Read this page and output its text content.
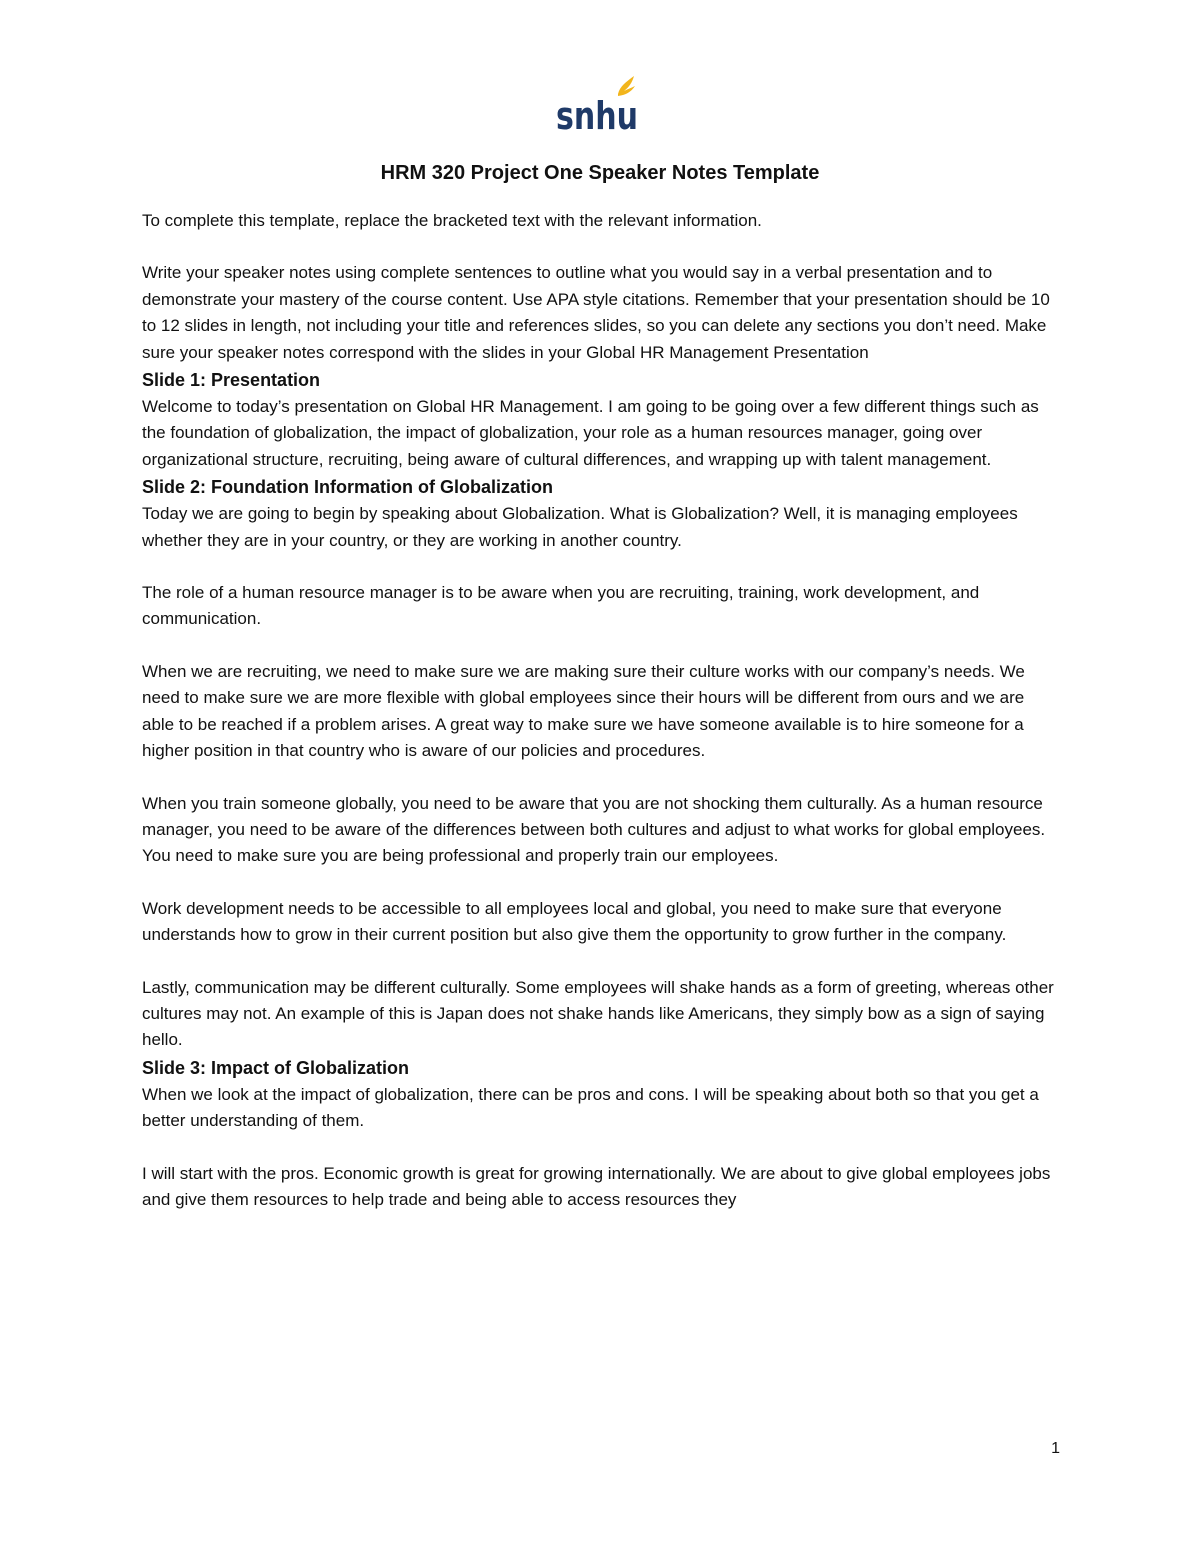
snhu
HRM 320 Project One Speaker Notes Template

To complete this template, replace the bracketed text with the relevant information.

Write your speaker notes using complete sentences to outline what you would say in a verbal presentation and to demonstrate your mastery of the course content. Use APA style citations. Remember that your presentation should be 10 to 12 slides in length, not including your title and references slides, so you can delete any sections you don’t need. Make sure your speaker notes correspond with the slides in your Global HR Management Presentation

Slide 1: Presentation

Welcome to today’s presentation on Global HR Management. I am going to be going over a few different things such as the foundation of globalization, the impact of globalization, your role as a human resources manager, going over organizational structure, recruiting, being aware of cultural differences, and wrapping up with talent management.

Slide 2: Foundation Information of Globalization

Today we are going to begin by speaking about Globalization. What is Globalization? Well, it is managing employees whether they are in your country, or they are working in another country.

The role of a human resource manager is to be aware when you are recruiting, training, work development, and communication.

When we are recruiting, we need to make sure we are making sure their culture works with our company’s needs. We need to make sure we are more flexible with global employees since their hours will be different from ours and we are able to be reached if a problem arises. A great way to make sure we have someone available is to hire someone for a higher position in that country who is aware of our policies and procedures.

When you train someone globally, you need to be aware that you are not shocking them culturally. As a human resource manager, you need to be aware of the differences between both cultures and adjust to what works for global employees. You need to make sure you are being professional and properly train our employees.

Work development needs to be accessible to all employees local and global, you need to make sure that everyone understands how to grow in their current position but also give them the opportunity to grow further in the company.

Lastly, communication may be different culturally. Some employees will shake hands as a form of greeting, whereas other cultures may not. An example of this is Japan does not shake hands like Americans, they simply bow as a sign of saying hello.

Slide 3: Impact of Globalization

When we look at the impact of globalization, there can be pros and cons. I will be speaking about both so that you get a better understanding of them.

I will start with the pros. Economic growth is great for growing internationally. We are about to give global employees jobs and give them resources to help trade and being able to access resources they

1
